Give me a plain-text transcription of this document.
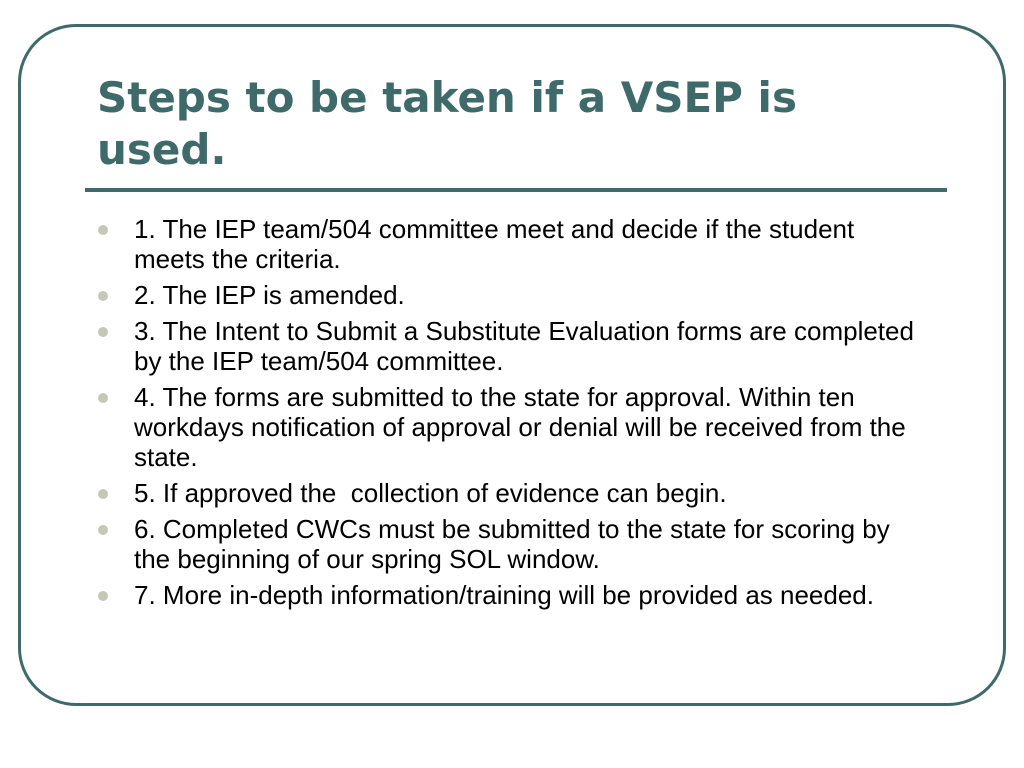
Steps to be taken if a VSEP is used.
1. The IEP team/504 committee meet and decide if the student meets the criteria.
2. The IEP is amended.
3. The Intent to Submit a Substitute Evaluation forms are completed by the IEP team/504 committee.
4. The forms are submitted to the state for approval. Within ten workdays notification of approval or denial will be received from the state.
5. If approved the  collection of evidence can begin.
6. Completed CWCs must be submitted to the state for scoring by the beginning of our spring SOL window.
7. More in-depth information/training will be provided as needed.
